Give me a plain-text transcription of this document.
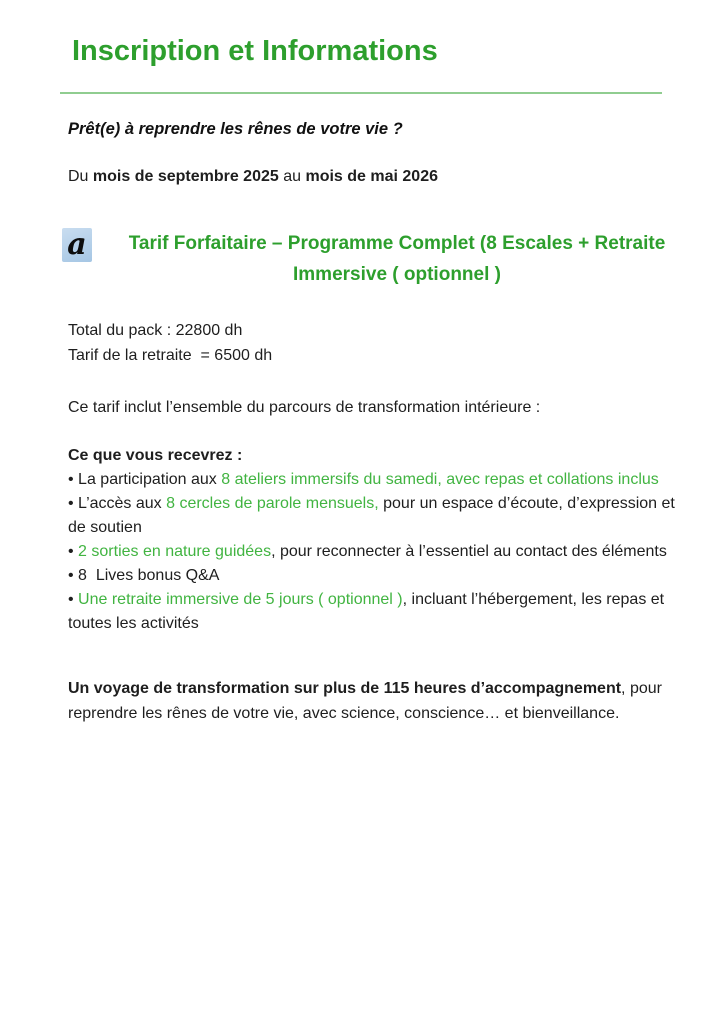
Inscription et Informations

Prêt(e) à reprendre les rênes de votre vie ?

Du mois de septembre 2025 au mois de mai 2026

a	Tarif Forfaitaire – Programme Complet (8 Escales + Retraite
Immersive ( optionnel )

Total du pack : 22800 dh

Tarif de la retraite  = 6500 dh

Ce tarif inclut l’ensemble du parcours de transformation intérieure :

Ce que vous recevrez :

• La participation aux 8 ateliers immersifs du samedi, avec repas et collations inclus

• L’accès aux 8 cercles de parole mensuels, pour un espace d’écoute, d’expression et de soutien

• 2 sorties en nature guidées, pour reconnecter à l’essentiel au contact des éléments

• 8  Lives bonus Q&A

• Une retraite immersive de 5 jours ( optionnel ), incluant l’hébergement, les repas et toutes les activités

Un voyage de transformation sur plus de 115 heures d’accompagnement, pour reprendre les rênes de votre vie, avec science, conscience… et bienveillance.
